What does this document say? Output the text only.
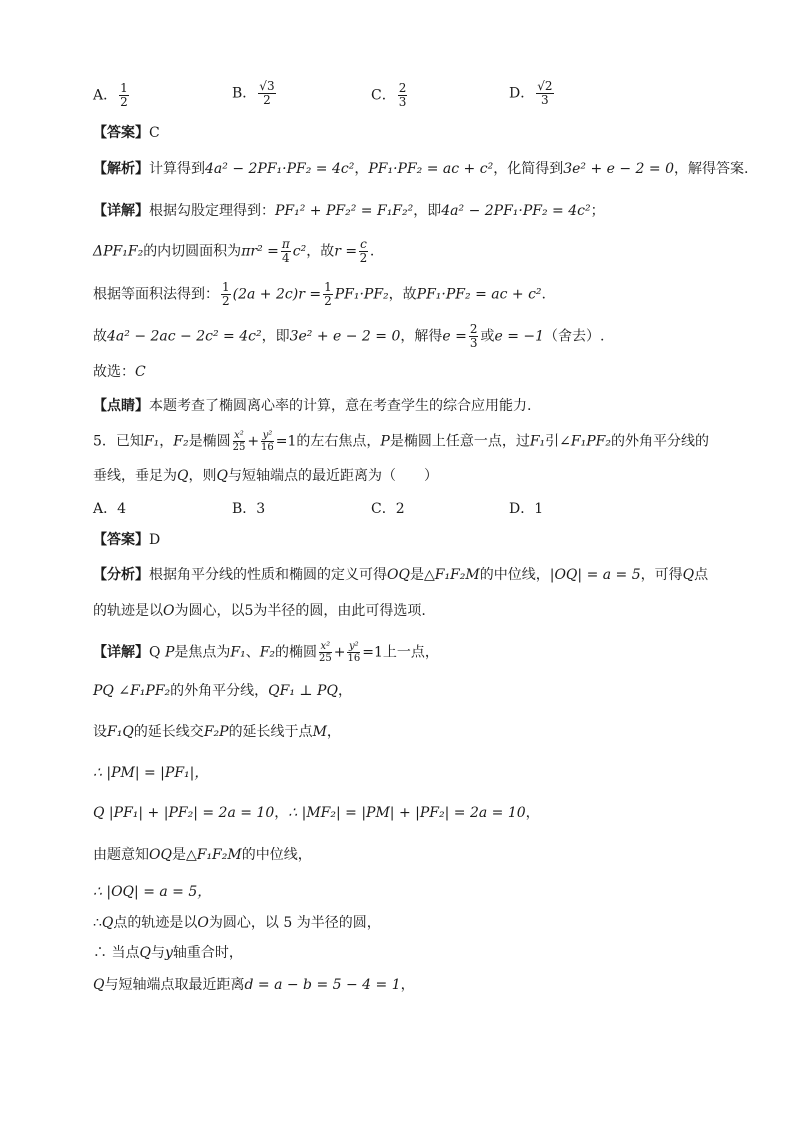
A． $\frac{1}{2}$	B． $\frac{√3}{2}$	C． $\frac{2}{3}$	D． $\frac{√2}{3}$
【答案】C
【解析】计算得到4a² − 2PF₁·PF₂ = 4c²，PF₁·PF₂ = ac + c²，化简得到3e² + e − 2 = 0，解得答案.
【详解】根据勾股定理得到：PF₁² + PF₂² = F₁F₂²，即4a² − 2PF₁·PF₂ = 4c²；
ΔPF₁F₂的内切圆面积为$\pi r^2 = \frac{\pi}{4} c^2$，故$r = \frac{c}{2}$ .
根据等面积法得到： $\frac{1}{2} (2a + 2c)r = \frac{1}{2} PF_1\cdot PF_2$，故PF₁·PF₂ = ac + c².
故4a² − 2ac − 2c² = 4c²，即3e² + e − 2 = 0，解得$e = \frac{2}{3}$ 或e = −1（舍去）.
故选：C
【点睛】本题考查了椭圆离心率的计算，意在考查学生的综合应用能力.
5．已知F₁，F₂是椭圆 $\frac{\text{x²}}{25} + \frac{\text{y²}}{16} =1$的左右焦点，P是椭圆上任意一点，过F₁引∠F₁PF₂的外角平分线的
垂线，垂足为Q，则Q与短轴端点的最近距离为（　　）
A．4	B．3	C．2	D．1
【答案】D
【分析】根据角平分线的性质和椭圆的定义可得OQ是△F₁F₂M的中位线，|OQ| = a = 5，可得Q点
的轨迹是以O为圆心，以5为半径的圆，由此可得选项.
【详解】Q P是焦点为F₁、F₂的椭圆 $\frac{\text{x²}}{25} + \frac{\text{y²}}{16} =1$上一点，
PQ ∠F₁PF₂的外角平分线，QF₁ ⊥ PQ，
设F₁Q的延长线交F₂P的延长线于点M，
∴ |PM| = |PF₁|，
Q |PF₁| + |PF₂| = 2a = 10，∴ |MF₂| = |PM| + |PF₂| = 2a = 10，
由题意知OQ是△F₁F₂M的中位线，
∴ |OQ| = a = 5，
∴Q点的轨迹是以O为圆心，以 5 为半径的圆，
∴ 当点Q与y轴重合时，
Q与短轴端点取最近距离d = a − b = 5 − 4 = 1，
